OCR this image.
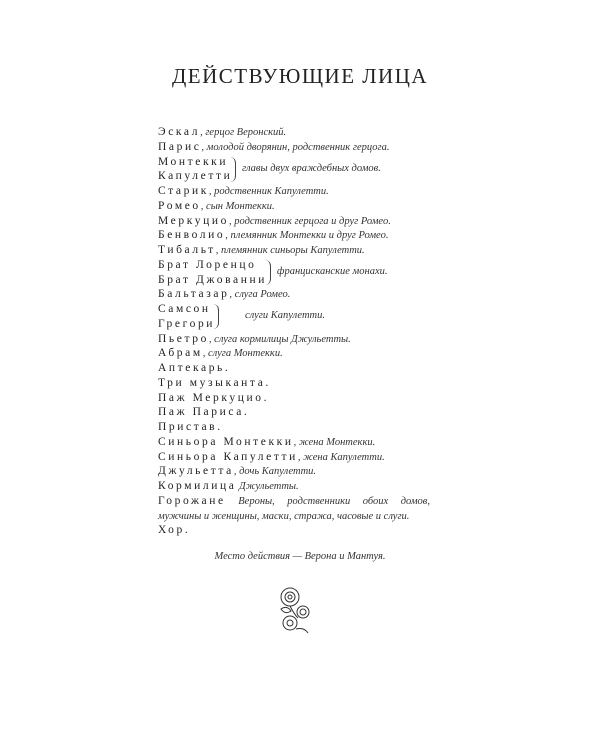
ДЕЙСТВУЮЩИЕ ЛИЦА
Эскал, герцог Веронский.
Парис, молодой дворянин, родственник герцога.
Монтекки
Капулетти
главы двух враждебных домов.
Старик, родственник Капулетти.
Ромео, сын Монтекки.
Меркуцио, родственник герцога и друг Ромео.
Бенволио, племянник Монтекки и друг Ромео.
Тибальт, племянник синьоры Капулетти.
Брат Лоренцо
Брат Джованни
францисканские монахи.
Бальтазар, слуга Ромео.
Самсон
Грегори
слуги Капулетти.
Пьетро, слуга кормилицы Джульетты.
Абрам, слуга Монтекки.
Аптекарь.
Три музыканта.
Паж Меркуцио.
Паж Париса.
Пристав.
Синьора Монтекки, жена Монтекки.
Синьора Капулетти, жена Капулетти.
Джульетта, дочь Капулетти.
Кормилица Джульетты.
Горожане Вероны, родственники обоих домов,
мужчины и женщины, маски, стража, часовые и слуги.
Хор.
Место действия — Верона и Мантуя.
